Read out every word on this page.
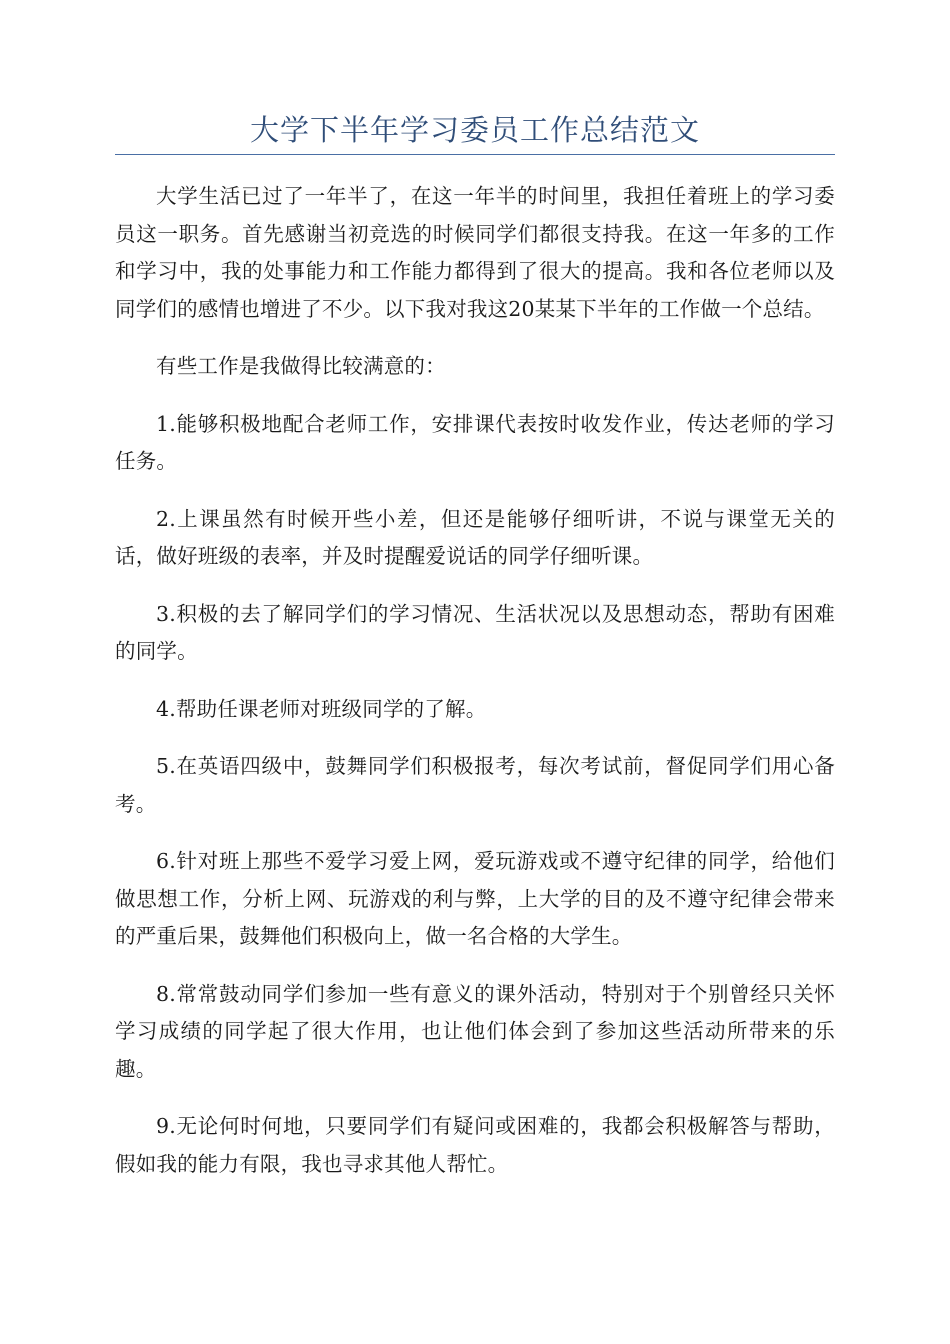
大学下半年学习委员工作总结范文

大学生活已过了一年半了，在这一年半的时间里，我担任着班上的学习委员这一职务。首先感谢当初竞选的时候同学们都很支持我。在这一年多的工作和学习中，我的处事能力和工作能力都得到了很大的提高。我和各位老师以及同学们的感情也增进了不少。以下我对我这20某某下半年的工作做一个总结。

有些工作是我做得比较满意的：

1.能够积极地配合老师工作，安排课代表按时收发作业，传达老师的学习任务。

2.上课虽然有时候开些小差，但还是能够仔细听讲，不说与课堂无关的话，做好班级的表率，并及时提醒爱说话的同学仔细听课。

3.积极的去了解同学们的学习情况、生活状况以及思想动态，帮助有困难的同学。

4.帮助任课老师对班级同学的了解。

5.在英语四级中，鼓舞同学们积极报考，每次考试前，督促同学们用心备考。

6.针对班上那些不爱学习爱上网，爱玩游戏或不遵守纪律的同学，给他们做思想工作，分析上网、玩游戏的利与弊，上大学的目的及不遵守纪律会带来的严重后果，鼓舞他们积极向上，做一名合格的大学生。

8.常常鼓动同学们参加一些有意义的课外活动，特别对于个别曾经只关怀学习成绩的同学起了很大作用，也让他们体会到了参加这些活动所带来的乐趣。

9.无论何时何地，只要同学们有疑问或困难的，我都会积极解答与帮助，假如我的能力有限，我也寻求其他人帮忙。
